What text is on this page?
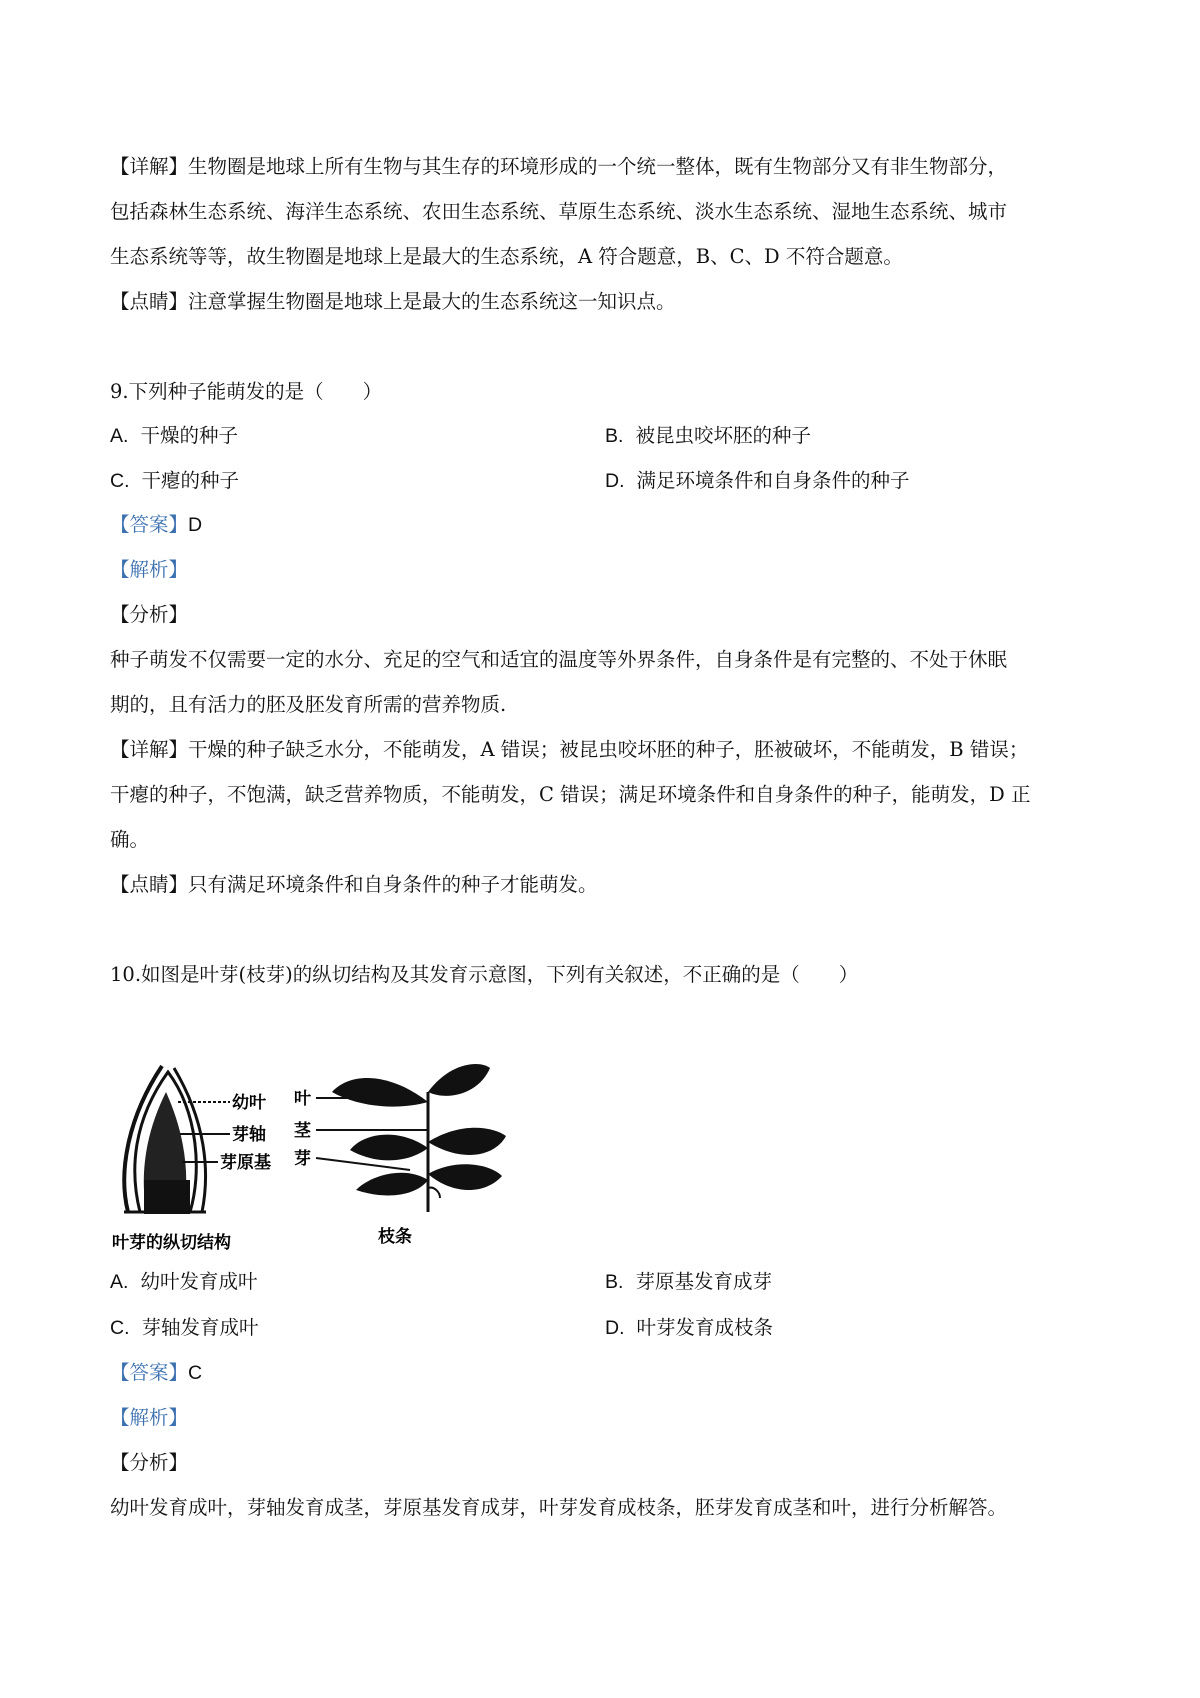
【详解】生物圈是地球上所有生物与其生存的环境形成的一个统一整体，既有生物部分又有非生物部分，
包括森林生态系统、海洋生态系统、农田生态系统、草原生态系统、淡水生态系统、湿地生态系统、城市
生态系统等等，故生物圈是地球上是最大的生态系统，A 符合题意，B、C、D 不符合题意。
【点睛】注意掌握生物圈是地球上是最大的生态系统这一知识点。
9.下列种子能萌发的是（　　）
A. 干燥的种子	B. 被昆虫咬坏胚的种子
C. 干瘪的种子	D. 满足环境条件和自身条件的种子
【答案】D
【解析】
【分析】
种子萌发不仅需要一定的水分、充足的空气和适宜的温度等外界条件，自身条件是有完整的、不处于休眠
期的，且有活力的胚及胚发育所需的营养物质.
【详解】干燥的种子缺乏水分，不能萌发，A 错误；被昆虫咬坏胚的种子，胚被破坏，不能萌发，B 错误；
干瘪的种子，不饱满，缺乏营养物质，不能萌发，C 错误；满足环境条件和自身条件的种子，能萌发，D 正
确。
【点睛】只有满足环境条件和自身条件的种子才能萌发。
10.如图是叶芽(枝芽)的纵切结构及其发育示意图，下列有关叙述，不正确的是（　　）
幼叶
芽轴
芽原基
叶芽的纵切结构
叶
茎
芽
枝条
A. 幼叶发育成叶	B. 芽原基发育成芽
C. 芽轴发育成叶	D. 叶芽发育成枝条
【答案】C
【解析】
【分析】
幼叶发育成叶，芽轴发育成茎，芽原基发育成芽，叶芽发育成枝条，胚芽发育成茎和叶，进行分析解答。
